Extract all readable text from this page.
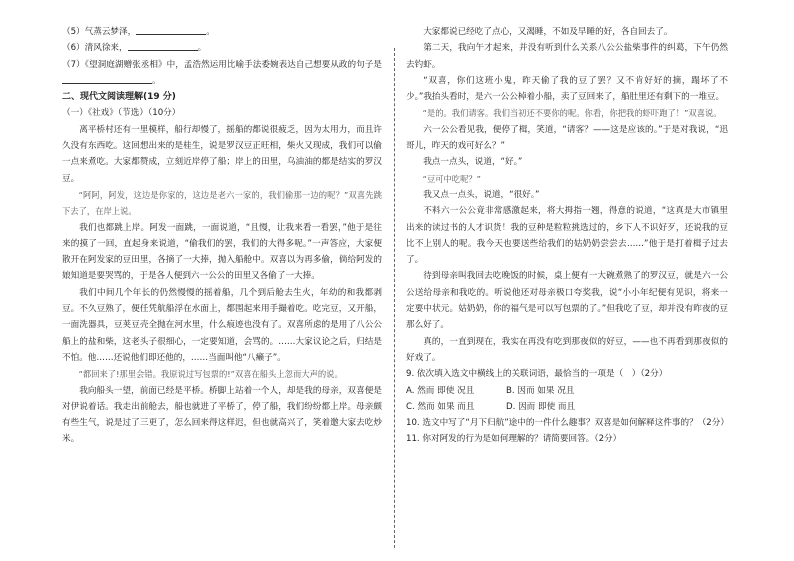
（5）气蒸云梦泽，	。

（6）清风徐来，	。

（7）《望洞庭湖赠张丞相》中，孟浩然运用比喻手法委婉表达自己想要从政的句子是。

二、现代文阅读理解(19 分)

（一）《社戏》（节选）（10分）

离平桥村还有一里模样，船行却慢了，摇船的都说很疲乏，因为太用力，而且许久没有东西吃。这回想出来的是桂生，说是罗汉豆正旺相，柴火又现成，我们可以偷一点来煮吃。大家都赞成，立刻近岸停了船；岸上的田里，乌油油的都是结实的罗汉豆。

“阿阿，阿发，这边是你家的，这边是老六一家的，我们偷那一边的呢？”双喜先跳下去了，在岸上说。

我们也都跳上岸。阿发一面跳，一面说道，“且慢，让我来看一看罢，”他于是往来的摸了一回，直起身来说道，“偷我们的罢，我们的大得多呢。”一声答应，大家便散开在阿发家的豆田里，各摘了一大捧，抛入船舱中。双喜以为再多偷，倘给阿发的娘知道是要哭骂的，于是各人便到六一公公的田里又各偷了一大捧。

我们中间几个年长的仍然慢慢的摇着船，几个到后舱去生火，年幼的和我都剥豆。不久豆熟了，便任凭航船浮在水面上，都围起来用手撮着吃。吃完豆，又开船，一面洗器具，豆荚豆壳全抛在河水里，什么痕迹也没有了。双喜所虑的是用了八公公船上的盐和柴，这老头子很细心，一定要知道，会骂的。……大家议论之后，归结是不怕。他……还说他们即还他的，……当面叫他“八癞子”。

“都回来了!那里会错。我原说过写包票的!”双喜在船头上忽而大声的说。

我向船头一望，前面已经是平桥。桥脚上站着一个人，却是我的母亲，双喜便是对伊说着话。我走出前舱去，船也就进了平桥了，停了船，我们纷纷都上岸。母亲颇有些生气，说是过了三更了，怎么回来得这样迟，但也就高兴了，笑着邀大家去吃炒米。

大家都说已经吃了点心，又渴睡，不如及早睡的好，各自回去了。

第二天，我向午才起来，并没有听到什么关系八公公盐柴事件的纠葛，下午仍然去钓虾。

“双喜，你们这班小鬼，昨天偷了我的豆了罢？又不肯好好的摘，蹋坏了不少。”我抬头看时，是六一公公棹着小船，卖了豆回来了，船肚里还有剩下的一堆豆。

“是的。我们请客。我们当初还不要你的呢。你看，你把我的虾吓跑了！”双喜说。

六一公公看见我，便停了楫，笑道，“请客？——这是应该的。”于是对我说，“迅哥儿，昨天的戏可好么？”

我点一点头，说道，“好。”

“豆可中吃呢？”

我又点一点头，说道，“很好。”

不料六一公公竟非常感激起来，将大拇指一翘，得意的说道，“这真是大市镇里出来的读过书的人才识货！我的豆种是粒粒挑选过的，乡下人不识好歹，还说我的豆比不上别人的呢。我今天也要送些给我们的姑奶奶尝尝去……”他于是打着楫子过去了。

待到母亲叫我回去吃晚饭的时候，桌上便有一大碗煮熟了的罗汉豆，就是六一公公送给母亲和我吃的。听说他还对母亲极口夸奖我，说“小小年纪便有见识，将来一定要中状元。姑奶奶，你的福气是可以写包票的了。”但我吃了豆，却并没有昨夜的豆那么好了。

真的，一直到现在，我实在再没有吃到那夜似的好豆，——也不再看到那夜似的好戏了。

9. 依次填入选文中横线上的关联词语，最恰当的一项是（　）（2分）

A. 然而 即使 况且	B. 因而 如果 况且
C. 然而 如果 而且	D. 因而 即使 而且

10. 选文中写了“月下归航”途中的一件什么趣事？双喜是如何解释这件事的？（2分）

11. 你对阿发的行为是如何理解的？请简要回答。（2分）
